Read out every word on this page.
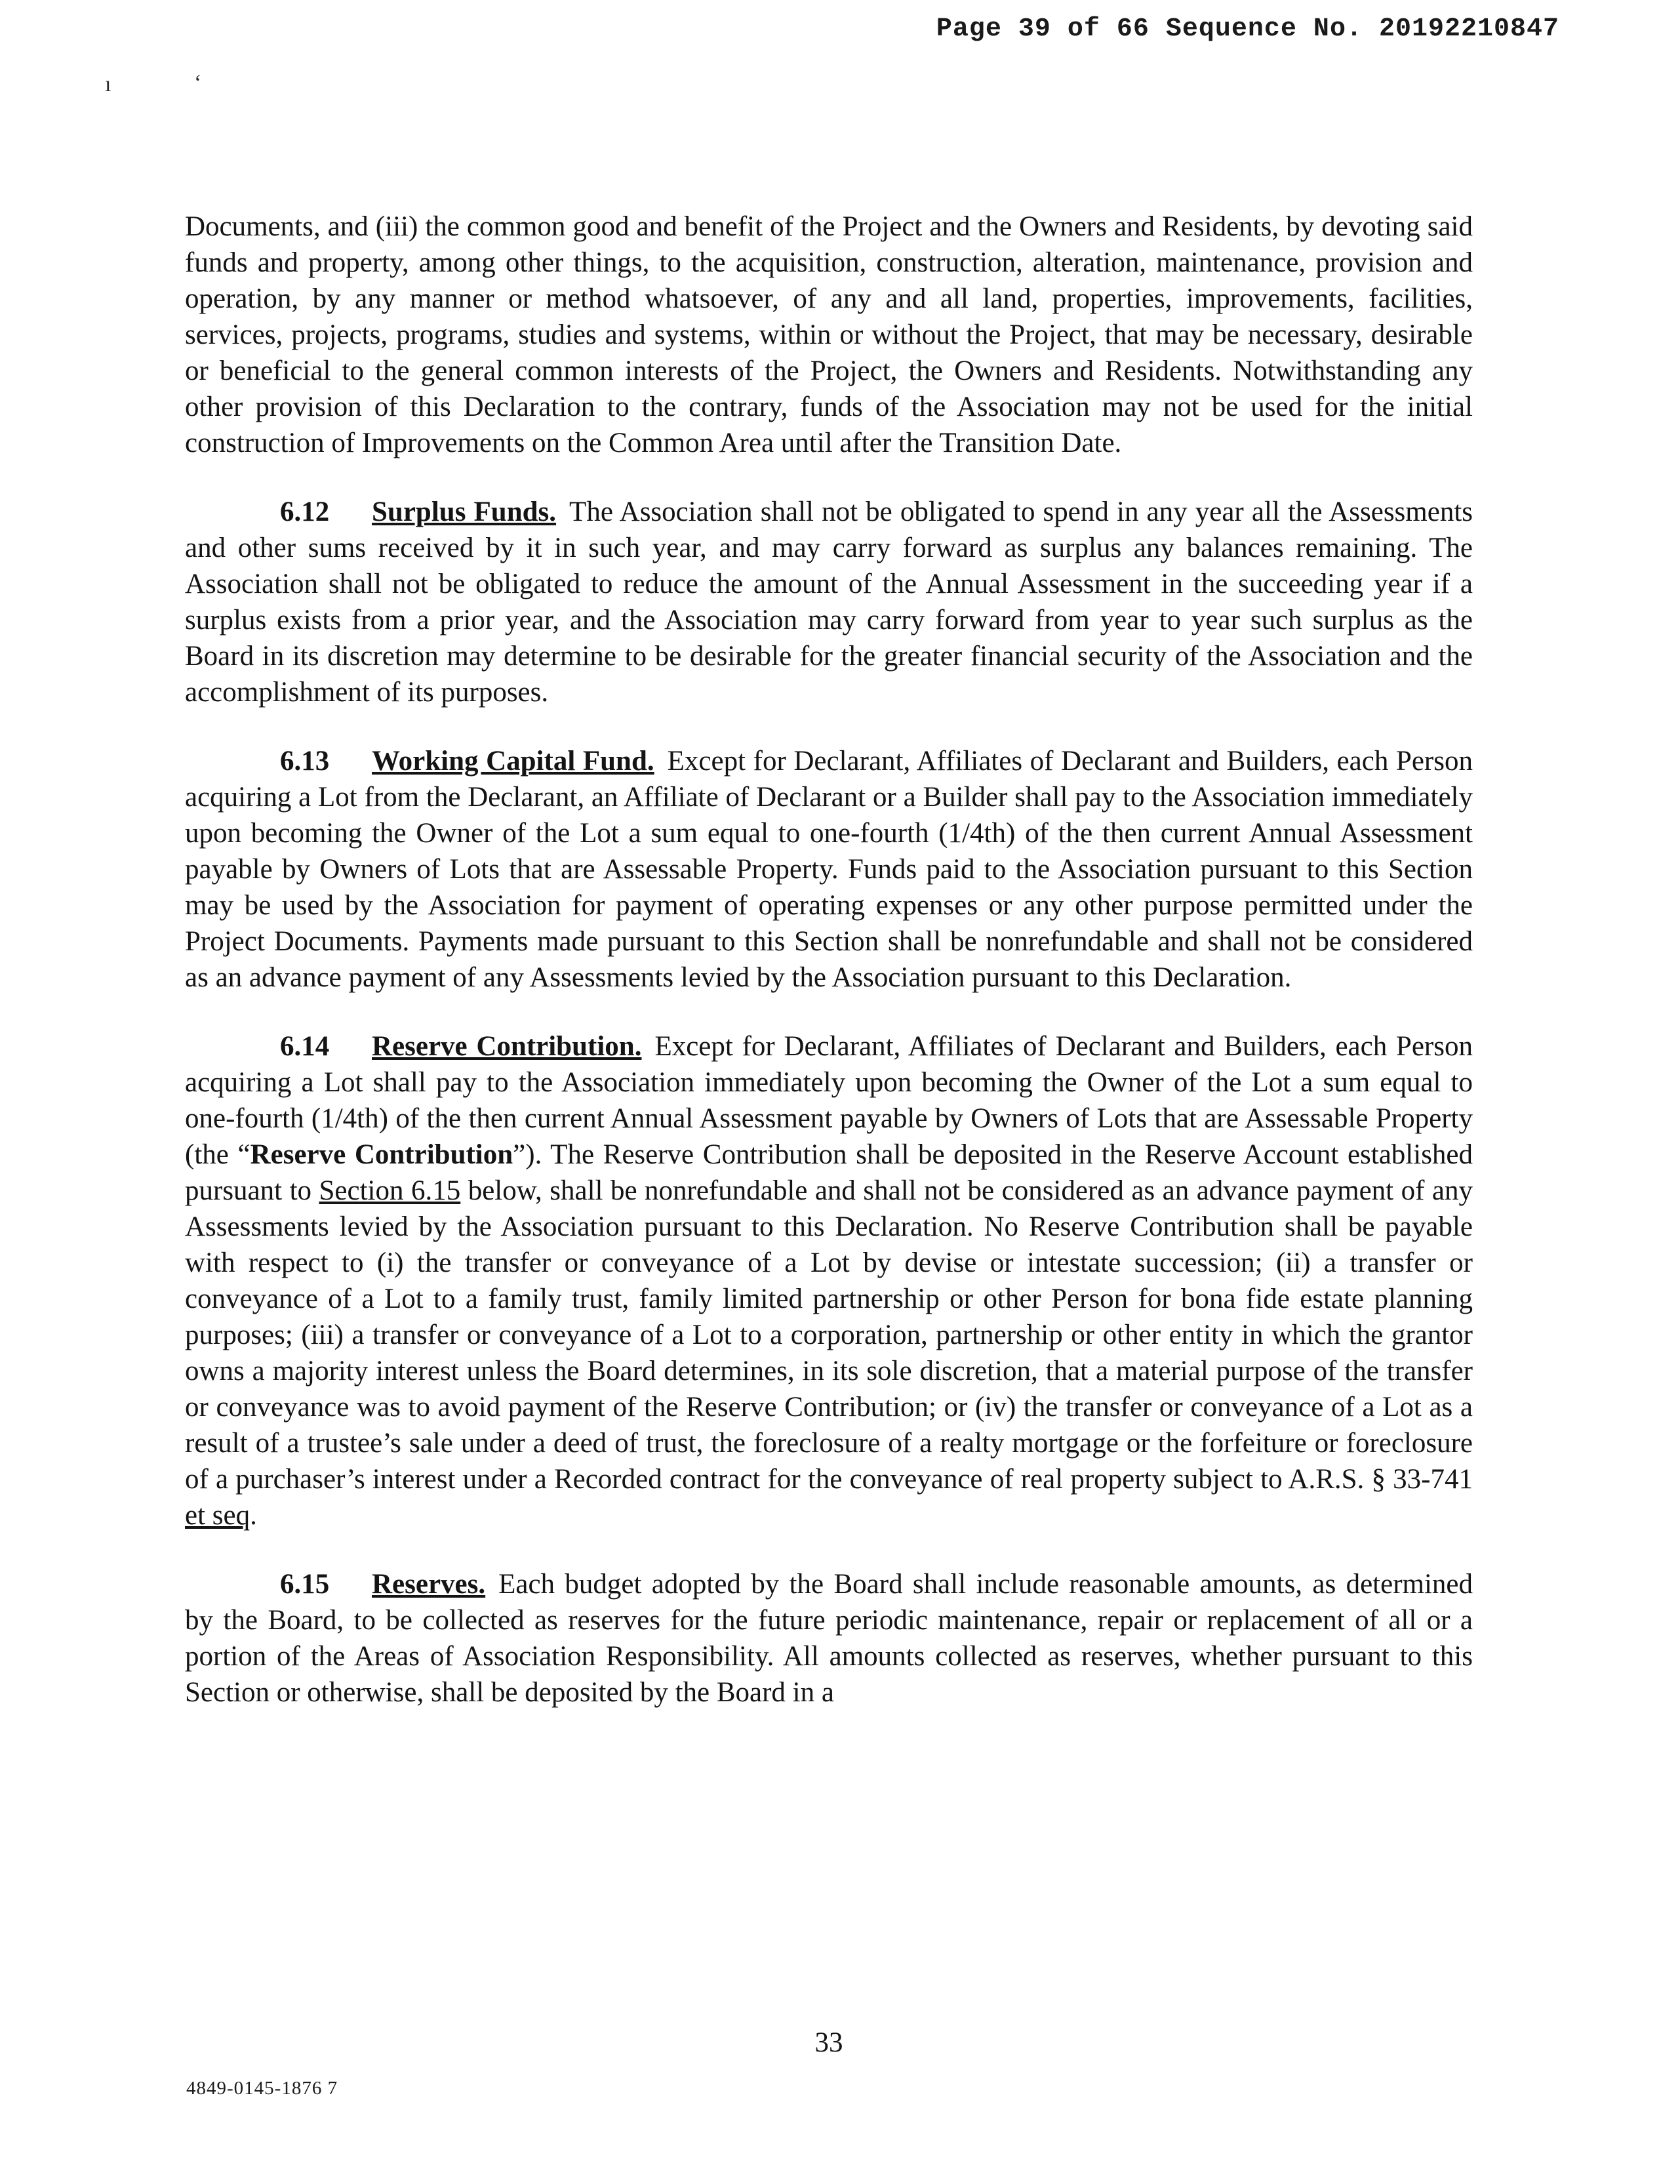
Page 39 of 66 Sequence No. 20192210847
ı	‘

Documents, and (iii) the common good and benefit of the Project and the Owners and Residents, by devoting said funds and property, among other things, to the acquisition, construction, alteration, maintenance, provision and operation, by any manner or method whatsoever, of any and all land, properties, improvements, facilities, services, projects, programs, studies and systems, within or without the Project, that may be necessary, desirable or beneficial to the general common interests of the Project, the Owners and Residents. Notwithstanding any other provision of this Declaration to the contrary, funds of the Association may not be used for the initial construction of Improvements on the Common Area until after the Transition Date.

6.12 Surplus Funds. The Association shall not be obligated to spend in any year all the Assessments and other sums received by it in such year, and may carry forward as surplus any balances remaining. The Association shall not be obligated to reduce the amount of the Annual Assessment in the succeeding year if a surplus exists from a prior year, and the Association may carry forward from year to year such surplus as the Board in its discretion may determine to be desirable for the greater financial security of the Association and the accomplishment of its purposes.

6.13 Working Capital Fund. Except for Declarant, Affiliates of Declarant and Builders, each Person acquiring a Lot from the Declarant, an Affiliate of Declarant or a Builder shall pay to the Association immediately upon becoming the Owner of the Lot a sum equal to one-fourth (1/4th) of the then current Annual Assessment payable by Owners of Lots that are Assessable Property. Funds paid to the Association pursuant to this Section may be used by the Association for payment of operating expenses or any other purpose permitted under the Project Documents. Payments made pursuant to this Section shall be nonrefundable and shall not be considered as an advance payment of any Assessments levied by the Association pursuant to this Declaration.

6.14 Reserve Contribution. Except for Declarant, Affiliates of Declarant and Builders, each Person acquiring a Lot shall pay to the Association immediately upon becoming the Owner of the Lot a sum equal to one-fourth (1/4th) of the then current Annual Assessment payable by Owners of Lots that are Assessable Property (the “Reserve Contribution”). The Reserve Contribution shall be deposited in the Reserve Account established pursuant to Section 6.15 below, shall be nonrefundable and shall not be considered as an advance payment of any Assessments levied by the Association pursuant to this Declaration. No Reserve Contribution shall be payable with respect to (i) the transfer or conveyance of a Lot by devise or intestate succession; (ii) a transfer or conveyance of a Lot to a family trust, family limited partnership or other Person for bona fide estate planning purposes; (iii) a transfer or conveyance of a Lot to a corporation, partnership or other entity in which the grantor owns a majority interest unless the Board determines, in its sole discretion, that a material purpose of the transfer or conveyance was to avoid payment of the Reserve Contribution; or (iv) the transfer or conveyance of a Lot as a result of a trustee’s sale under a deed of trust, the foreclosure of a realty mortgage or the forfeiture or foreclosure of a purchaser’s interest under a Recorded contract for the conveyance of real property subject to A.R.S. § 33-741 et seq.

6.15 Reserves. Each budget adopted by the Board shall include reasonable amounts, as determined by the Board, to be collected as reserves for the future periodic maintenance, repair or replacement of all or a portion of the Areas of Association Responsibility. All amounts collected as reserves, whether pursuant to this Section or otherwise, shall be deposited by the Board in a

33
4849-0145-1876 7
